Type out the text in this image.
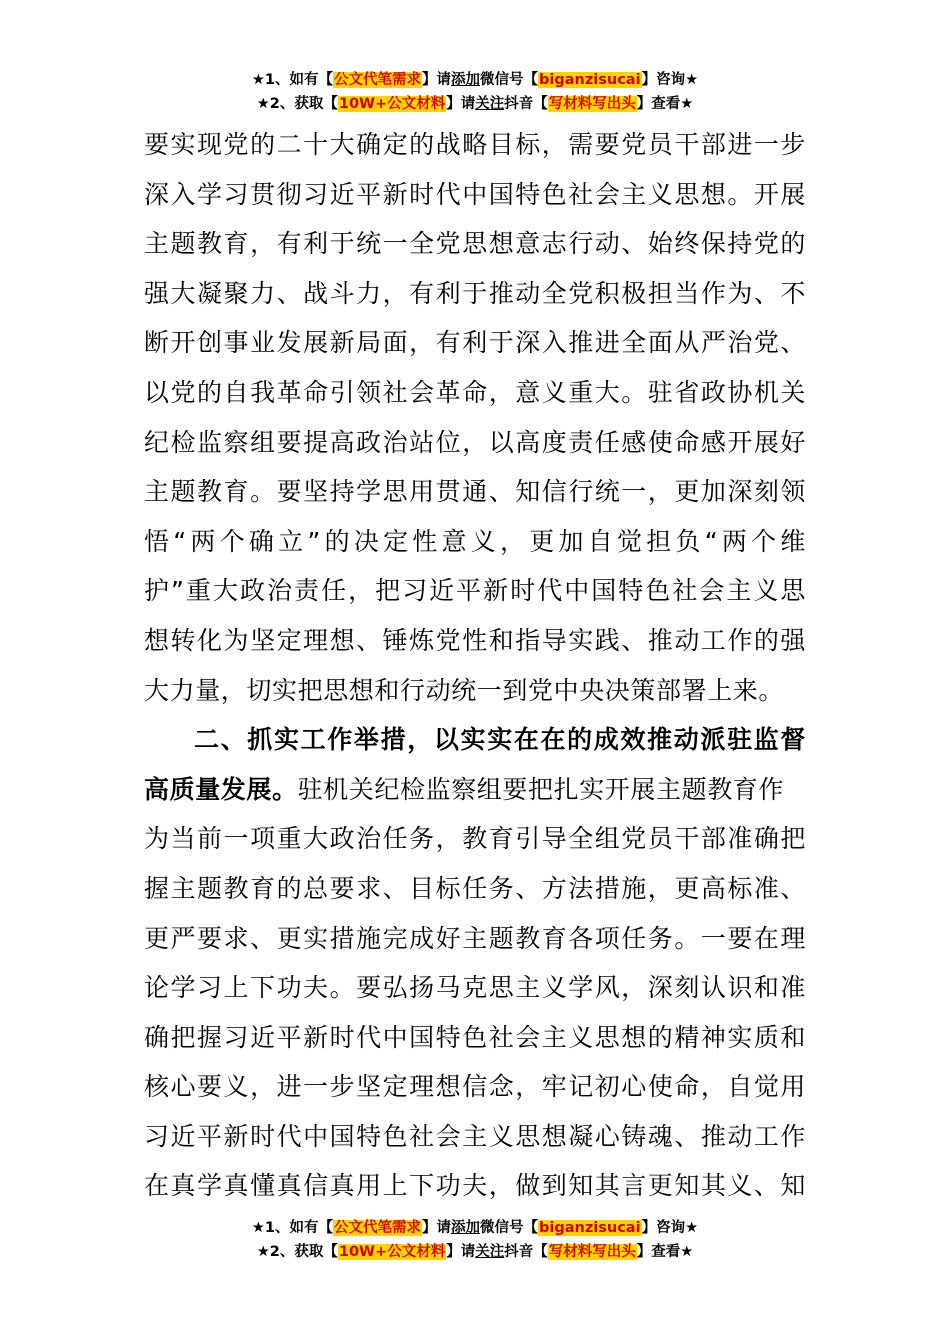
★1、如有【公文代笔需求】请添加微信号【biganzisucai】咨询★
★2、获取【10W+公文材料】请关注抖音【写材料写出头】查看★
要实现党的二十大确定的战略目标，需要党员干部进一步
深入学习贯彻习近平新时代中国特色社会主义思想。开展
主题教育，有利于统一全党思想意志行动、始终保持党的
强大凝聚力、战斗力，有利于推动全党积极担当作为、不
断开创事业发展新局面，有利于深入推进全面从严治党、
以党的自我革命引领社会革命，意义重大。驻省政协机关
纪检监察组要提高政治站位，以高度责任感使命感开展好
主题教育。要坚持学思用贯通、知信行统一，更加深刻领
悟“两个确立”的决定性意义，更加自觉担负“两个维
护”重大政治责任，把习近平新时代中国特色社会主义思
想转化为坚定理想、锤炼党性和指导实践、推动工作的强
大力量，切实把思想和行动统一到党中央决策部署上来。
二、抓实工作举措，以实实在在的成效推动派驻监督
高质量发展。驻机关纪检监察组要把扎实开展主题教育作
为当前一项重大政治任务，教育引导全组党员干部准确把
握主题教育的总要求、目标任务、方法措施，更高标准、
更严要求、更实措施完成好主题教育各项任务。一要在理
论学习上下功夫。要弘扬马克思主义学风，深刻认识和准
确把握习近平新时代中国特色社会主义思想的精神实质和
核心要义，进一步坚定理想信念，牢记初心使命，自觉用
习近平新时代中国特色社会主义思想凝心铸魂、推动工作
在真学真懂真信真用上下功夫，做到知其言更知其义、知
★1、如有【公文代笔需求】请添加微信号【biganzisucai】咨询★
★2、获取【10W+公文材料】请关注抖音【写材料写出头】查看★
